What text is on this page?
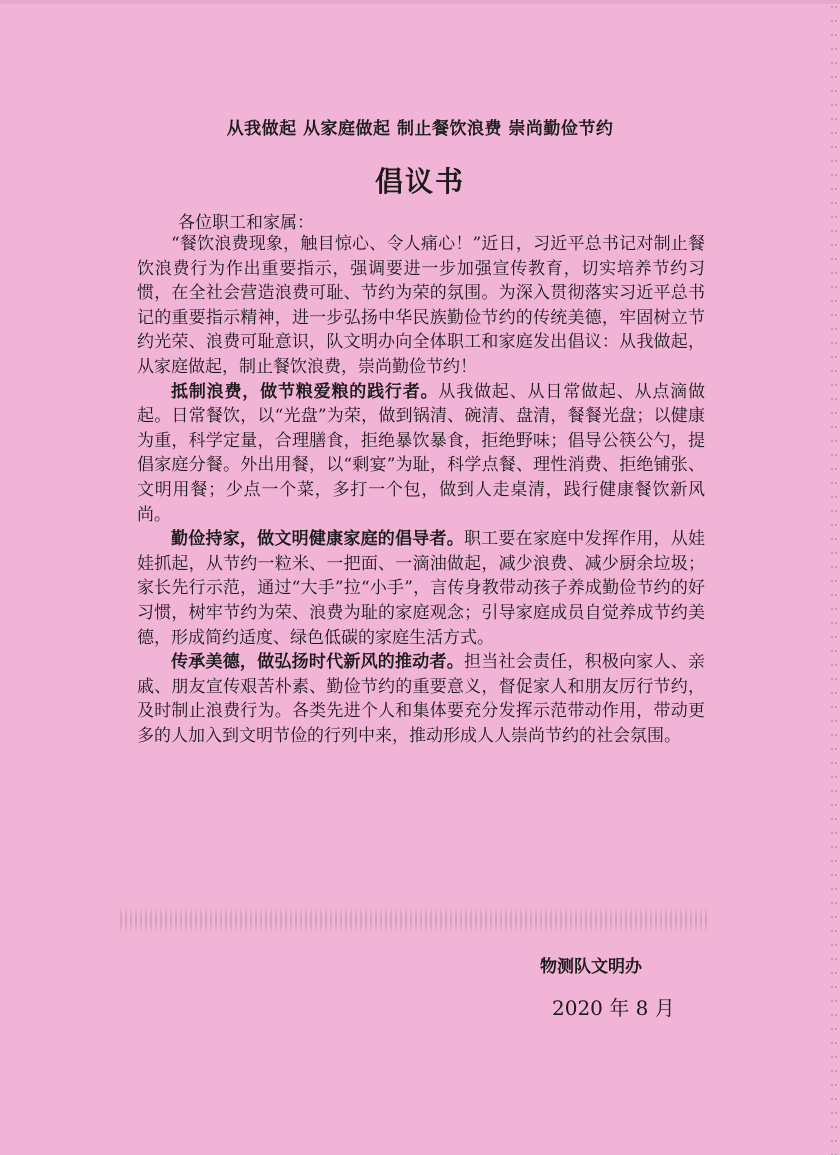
从我做起 从家庭做起 制止餐饮浪费 崇尚勤俭节约
倡议书
各位职工和家属：

“餐饮浪费现象，触目惊心、令人痛心！”近日，习近平总书记对制止餐饮浪费行为作出重要指示，强调要进一步加强宣传教育，切实培养节约习惯，在全社会营造浪费可耻、节约为荣的氛围。为深入贯彻落实习近平总书记的重要指示精神，进一步弘扬中华民族勤俭节约的传统美德，牢固树立节约光荣、浪费可耻意识，队文明办向全体职工和家庭发出倡议：从我做起，从家庭做起，制止餐饮浪费，崇尚勤俭节约！

抵制浪费，做节粮爱粮的践行者。从我做起、从日常做起、从点滴做起。日常餐饮，以“光盘”为荣，做到锅清、碗清、盘清，餐餐光盘；以健康为重，科学定量，合理膳食，拒绝暴饮暴食，拒绝野味；倡导公筷公勺，提倡家庭分餐。外出用餐，以“剩宴”为耻，科学点餐、理性消费、拒绝铺张、文明用餐；少点一个菜，多打一个包，做到人走桌清，践行健康餐饮新风尚。

勤俭持家，做文明健康家庭的倡导者。职工要在家庭中发挥作用，从娃娃抓起，从节约一粒米、一把面、一滴油做起，减少浪费、减少厨余垃圾；家长先行示范，通过“大手”拉“小手”，言传身教带动孩子养成勤俭节约的好习惯，树牢节约为荣、浪费为耻的家庭观念；引导家庭成员自觉养成节约美德，形成简约适度、绿色低碳的家庭生活方式。

传承美德，做弘扬时代新风的推动者。担当社会责任，积极向家人、亲戚、朋友宣传艰苦朴素、勤俭节约的重要意义，督促家人和朋友厉行节约，及时制止浪费行为。各类先进个人和集体要充分发挥示范带动作用，带动更多的人加入到文明节俭的行列中来，推动形成人人崇尚节约的社会氛围。

物测队文明办
2020 年 8 月
